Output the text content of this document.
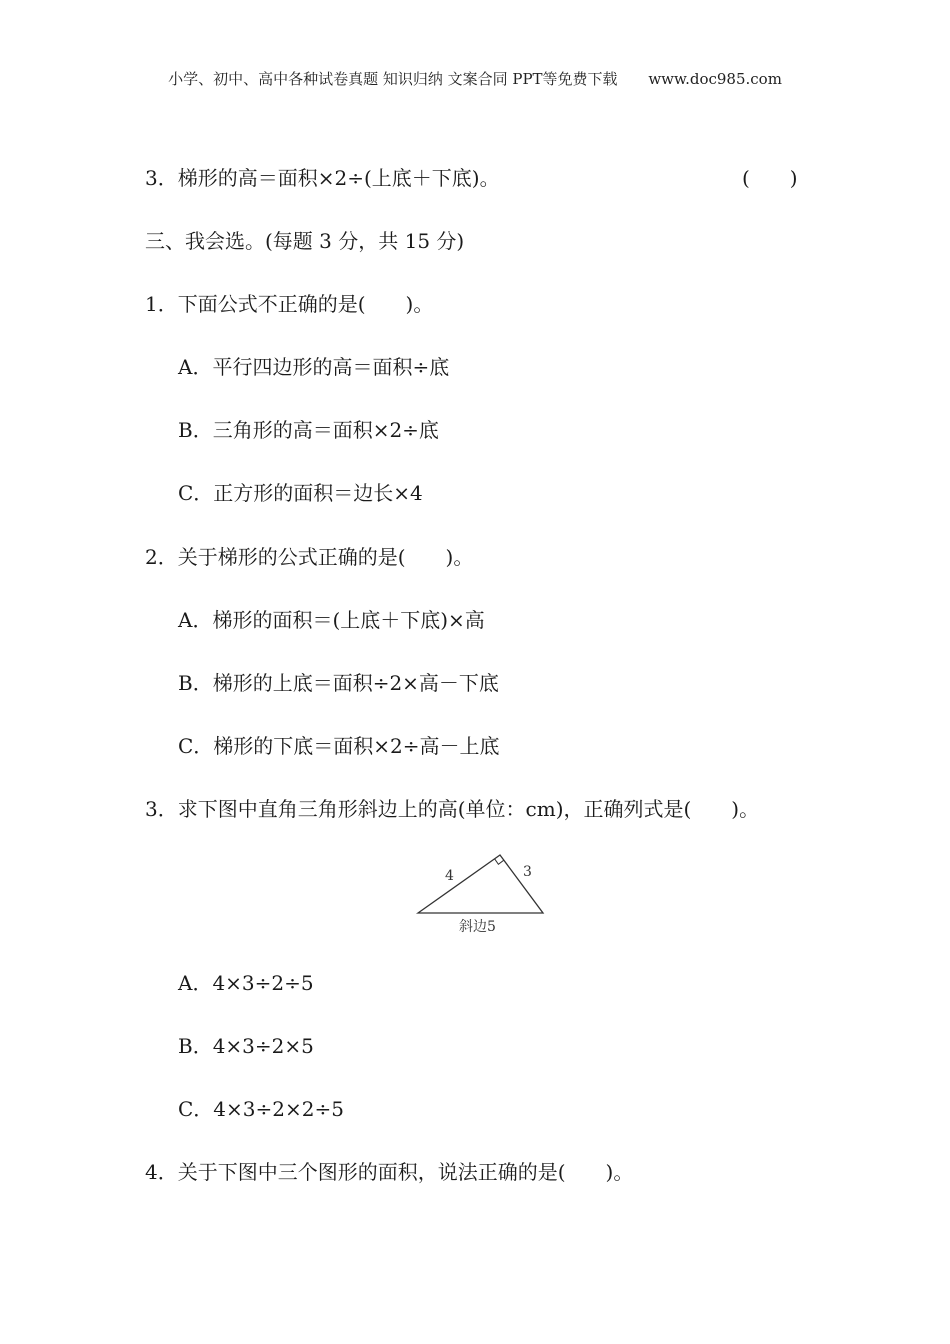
小学、初中、高中各种试卷真题 知识归纳 文案合同 PPT等免费下载 www.doc985.com
3．梯形的高＝面积×2÷(上底＋下底)。	(　　)
三、我会选。(每题 3 分，共 15 分)
1．下面公式不正确的是(　　)。
A．平行四边形的高＝面积÷底
B．三角形的高＝面积×2÷底
C．正方形的面积＝边长×4
2．关于梯形的公式正确的是(　　)。
A．梯形的面积＝(上底＋下底)×高
B．梯形的上底＝面积÷2×高－下底
C．梯形的下底＝面积×2÷高－上底
3．求下图中直角三角形斜边上的高(单位：cm)，正确列式是(　　)。
4	3
斜边5
A．4×3÷2÷5
B．4×3÷2×5
C．4×3÷2×2÷5
4．关于下图中三个图形的面积，说法正确的是(　　)。
